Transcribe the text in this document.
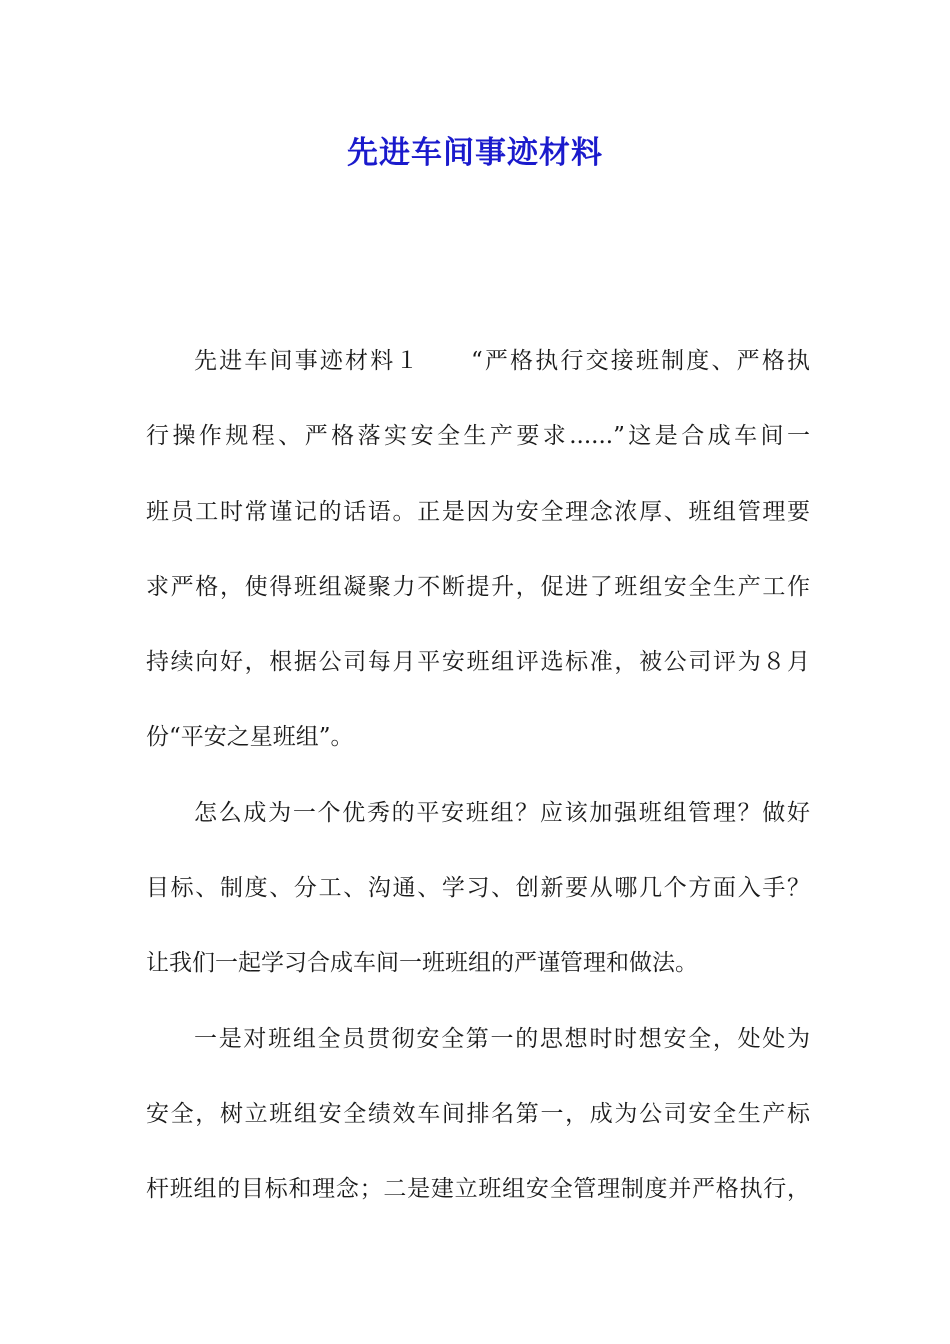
先进车间事迹材料
先进车间事迹材料１　　“严格执行交接班制度、严格执
行操作规程、严格落实安全生产要求......”这是合成车间一
班员工时常谨记的话语。正是因为安全理念浓厚、班组管理要
求严格，使得班组凝聚力不断提升，促进了班组安全生产工作
持续向好，根据公司每月平安班组评选标准，被公司评为８月
份“平安之星班组”。
怎么成为一个优秀的平安班组？应该加强班组管理？做好
目标、制度、分工、沟通、学习、创新要从哪几个方面入手？
让我们一起学习合成车间一班班组的严谨管理和做法。
一是对班组全员贯彻安全第一的思想时时想安全，处处为
安全，树立班组安全绩效车间排名第一，成为公司安全生产标
杆班组的目标和理念；二是建立班组安全管理制度并严格执行，
